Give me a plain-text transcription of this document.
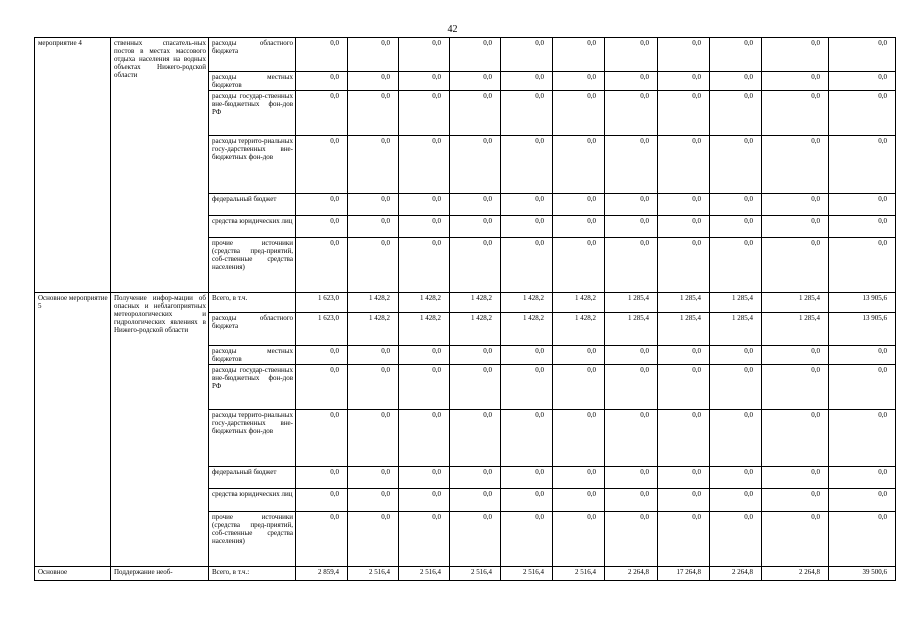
42
мероприятие 4	ственных спасатель-ных постов в местах массового отдыха населения на водных объектах Нижего-родской области	расходы областного бюджета	0,0	0,0	0,0	0,0	0,0	0,0	0,0	0,0	0,0	0,0	0,0
		расходы местных бюджетов	0,0	0,0	0,0	0,0	0,0	0,0	0,0	0,0	0,0	0,0	0,0
		расходы государ-ственных вне-бюджетных фон-дов РФ	0,0	0,0	0,0	0,0	0,0	0,0	0,0	0,0	0,0	0,0	0,0
		расходы террито-риальных госу-дарственных вне-бюджетных фон-дов	0,0	0,0	0,0	0,0	0,0	0,0	0,0	0,0	0,0	0,0	0,0
		федеральный бюджет	0,0	0,0	0,0	0,0	0,0	0,0	0,0	0,0	0,0	0,0	0,0
		средства юридических лиц	0,0	0,0	0,0	0,0	0,0	0,0	0,0	0,0	0,0	0,0	0,0
		прочие источники (средства пред-приятий, соб-ственные средства населения)	0,0	0,0	0,0	0,0	0,0	0,0	0,0	0,0	0,0	0,0	0,0
Основное мероприятие 5	Получение инфор-мации об опасных и неблагоприятных метеорологических и гидрологических явлениях в Нижего-родской области	Всего, в т.ч.	1 623,0	1 428,2	1 428,2	1 428,2	1 428,2	1 428,2	1 285,4	1 285,4	1 285,4	1 285,4	13 905,6
		расходы областного бюджета	1 623,0	1 428,2	1 428,2	1 428,2	1 428,2	1 428,2	1 285,4	1 285,4	1 285,4	1 285,4	13 905,6
		расходы местных бюджетов	0,0	0,0	0,0	0,0	0,0	0,0	0,0	0,0	0,0	0,0	0,0
		расходы государ-ственных вне-бюджетных фон-дов РФ	0,0	0,0	0,0	0,0	0,0	0,0	0,0	0,0	0,0	0,0	0,0
		расходы террито-риальных госу-дарственных вне-бюджетных фон-дов	0,0	0,0	0,0	0,0	0,0	0,0	0,0	0,0	0,0	0,0	0,0
		федеральный бюджет	0,0	0,0	0,0	0,0	0,0	0,0	0,0	0,0	0,0	0,0	0,0
		средства юридических лиц	0,0	0,0	0,0	0,0	0,0	0,0	0,0	0,0	0,0	0,0	0,0
		прочие источники (средства пред-приятий, соб-ственные средства населения)	0,0	0,0	0,0	0,0	0,0	0,0	0,0	0,0	0,0	0,0	0,0
Основное	Поддержание необ-	Всего, в т.ч.:	2 859,4	2 516,4	2 516,4	2 516,4	2 516,4	2 516,4	2 264,8	17 264,8	2 264,8	2 264,8	39 500,6
